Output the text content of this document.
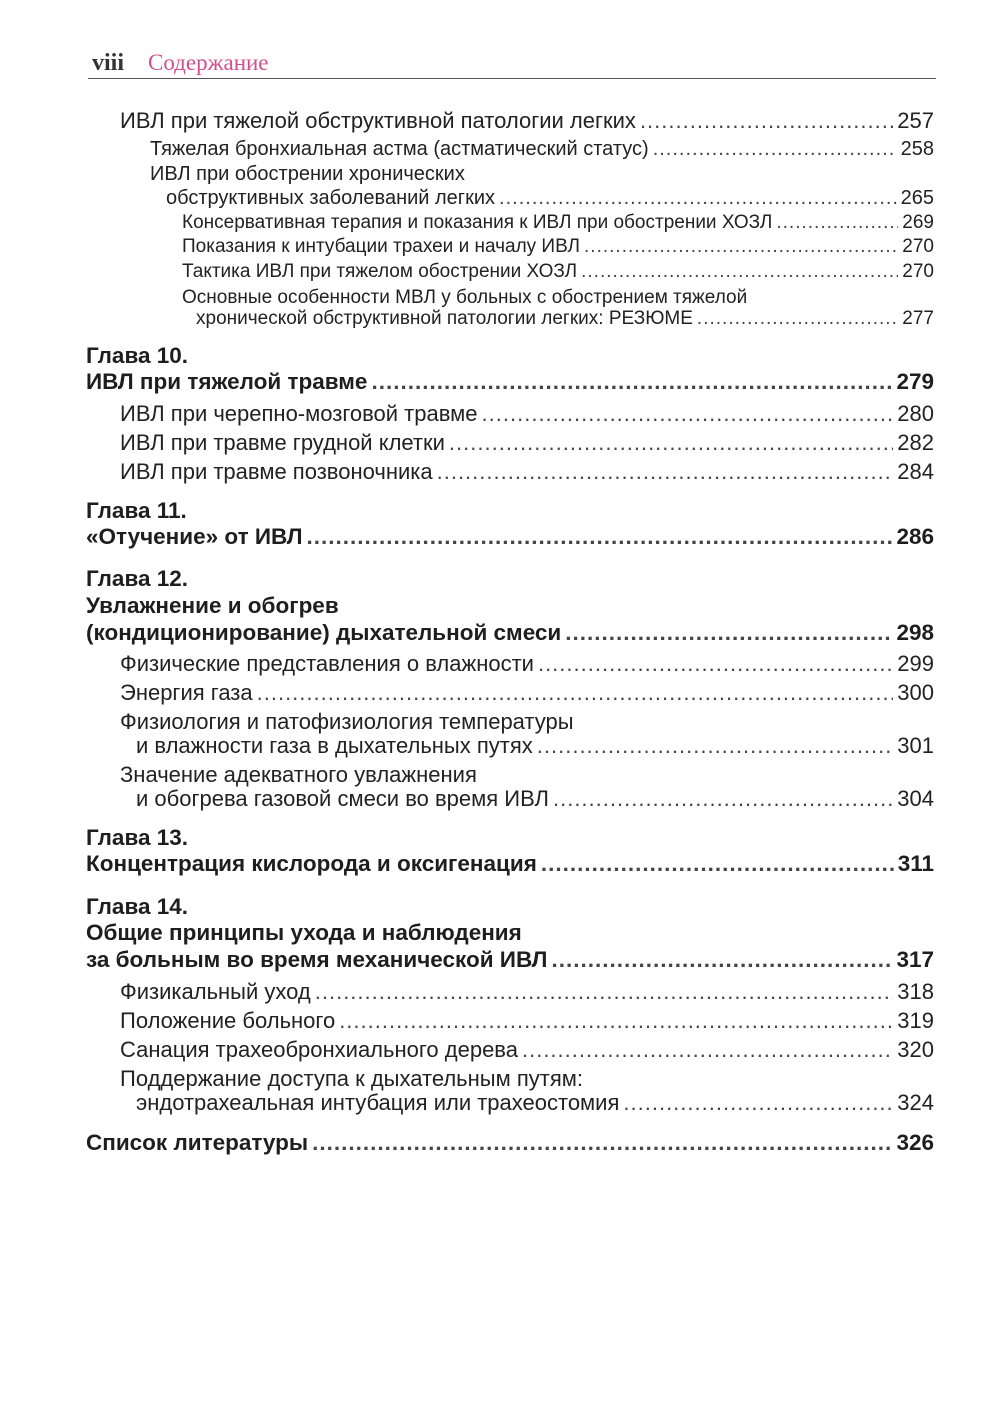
viii Содержание
ИВЛ при тяжелой обструктивной патологии легких .....	257
Тяжелая бронхиальная астма (астматический статус) .....	258
ИВЛ при обострении хронических
обструктивных заболеваний легких .....	265
Консервативная терапия и показания к ИВЛ при обострении ХОЗЛ .....	269
Показания к интубации трахеи и началу ИВЛ .....	270
Тактика ИВЛ при тяжелом обострении ХОЗЛ .....	270
Основные особенности МВЛ у больных с обострением тяжелой
хронической обструктивной патологии легких: РЕЗЮМЕ .....	277
Глава 10.
ИВЛ при тяжелой травме .....	279
ИВЛ при черепно-мозговой травме .....	280
ИВЛ при травме грудной клетки .....	282
ИВЛ при травме позвоночника .....	284
Глава 11.
«Отучение» от ИВЛ .....	286
Глава 12.
Увлажнение и обогрев
(кондиционирование) дыхательной смеси .....	298
Физические представления о влажности .....	299
Энергия газа .....	300
Физиология и патофизиология температуры
и влажности газа в дыхательных путях .....	301
Значение адекватного увлажнения
и обогрева газовой смеси во время ИВЛ .....	304
Глава 13.
Концентрация кислорода и оксигенация .....	311
Глава 14.
Общие принципы ухода и наблюдения
за больным во время механической ИВЛ .....	317
Физикальный уход .....	318
Положение больного .....	319
Санация трахеобронхиального дерева .....	320
Поддержание доступа к дыхательным путям:
эндотрахеальная интубация или трахеостомия .....	324
Список литературы .....	326
